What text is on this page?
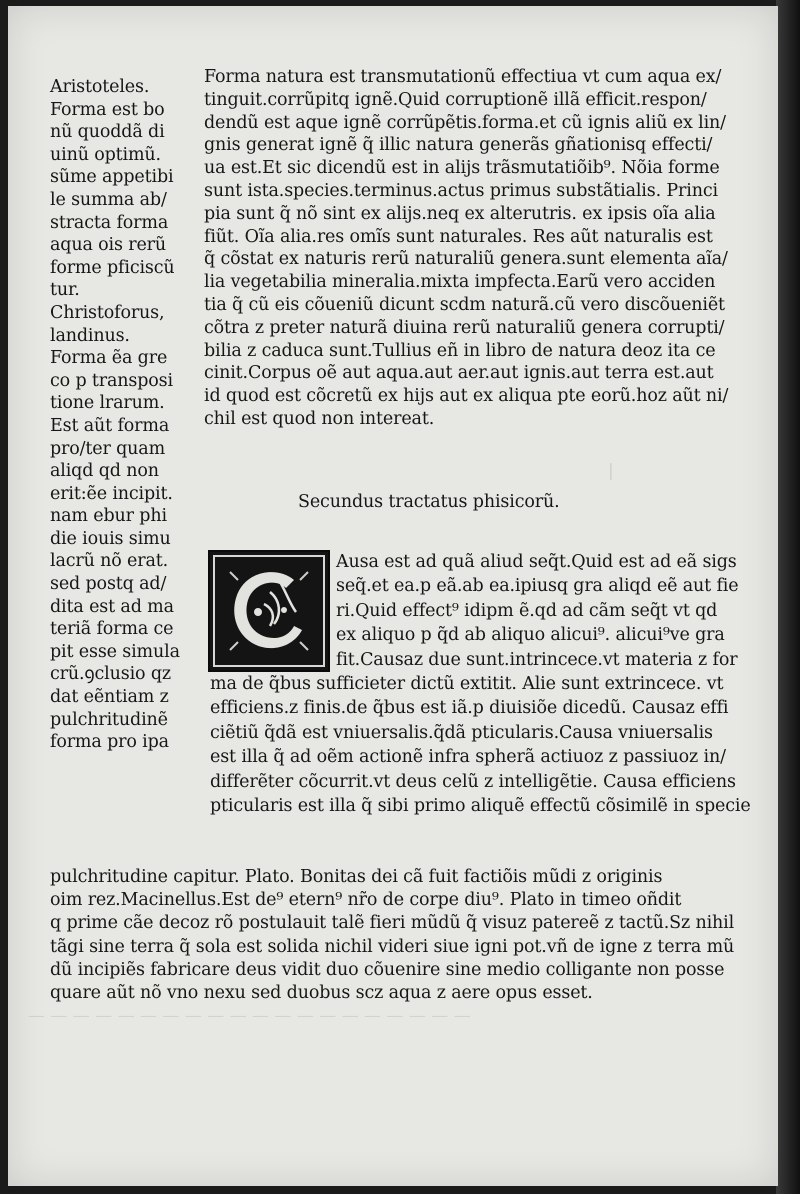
|
— — — — — — — — — — — — — — — — — — — —
Aristoteles.
Forma est bo
nũ quoddã di
uinũ optimũ.
sũme appetibi
le summa ab/
stracta forma
aqua ois rerũ
forme pficiscũ
tur.
Christoforus,
landinus.
Forma ẽa gre
co p transposi
tione lrarum.
Est aũt forma
pro/ter quam
aliqd qd non
erit:ẽe incipit.
nam ebur phi
die iouis simu
lacrũ nõ erat.
sed postq ad/
dita est ad ma
teriã forma ce
pit esse simula
crũ.ꝯclusio qz
dat eẽntiam z
pulchritudinẽ
forma pro ipa
Forma natura est transmutationũ effectiua vt cum aqua ex/
tinguit.corrũpitq ignẽ.Quid corruptionẽ illã efficit.respon/
dendũ est aque ignẽ corrũpẽtis.forma.et cũ ignis aliũ ex lin/
gnis generat ignẽ q̃ illic natura generãs gñationisq effecti/
ua est.Et sic dicendũ est in alijs trãsmutatiõib⁹. Nõia forme
sunt ista.species.terminus.actus primus substãtialis. Princi
pia sunt q̃ nõ sint ex alijs.neq ex alterutris. ex ipsis oĩa alia
fiũt. Oĩa alia.res omĩs sunt naturales. Res aũt naturalis est
q̃ cõstat ex naturis rerũ naturaliũ genera.sunt elementa aĩa/
lia vegetabilia mineralia.mixta impfecta.Earũ vero acciden
tia q̃ cũ eis cõueniũ dicunt scdm naturã.cũ vero discõueniẽt
cõtra z preter naturã diuina rerũ naturaliũ genera corrupti/
bilia z caduca sunt.Tullius eñ in libro de natura deoz ita ce
cinit.Corpus oẽ aut aqua.aut aer.aut ignis.aut terra est.aut
id quod est cõcretũ ex hijs aut ex aliqua pte eorũ.hoz aũt ni/
chil est quod non intereat.
Secundus tractatus phisicorũ.
Ausa est ad quã aliud seq̃t.Quid est ad eã sigs
seq̃.et ea.p eã.ab ea.ipiusq gra aliqd eẽ aut fie
ri.Quid effect⁹ idipm ẽ.qd ad cãm seq̃t vt qd
ex aliquo p q̃d ab aliquo alicui⁹. alicui⁹ve gra
fit.Causaz due sunt.intrincece.vt materia z for
ma de q̃bus sufficieter dictũ extitit. Alie sunt extrincece. vt
efficiens.z finis.de q̃bus est iã.p diuisiõe dicedũ. Causaz effi
ciẽtiũ q̃dã est vniuersalis.q̃dã pticularis.Causa vniuersalis
est illa q̃ ad oẽm actionẽ infra spherã actiuoz z passiuoz in/
differẽter cõcurrit.vt deus celũ z intelligẽtie. Causa efficiens
pticularis est illa q̃ sibi primo aliquẽ effectũ cõsimilẽ in specie
pulchritudine capitur. Plato. Bonitas dei cã fuit factiõis mũdi z originis
oim rez.Macinellus.Est de⁹ etern⁹ nr̃o de corpe diu⁹. Plato in timeo oñdit
q prime cãe decoz rõ postulauit talẽ fieri mũdũ q̃ visuz patereẽ z tactũ.Sz nihil
tãgi sine terra q̃ sola est solida nichil videri siue igni pot.vñ de igne z terra mũ
dũ incipiẽs fabricare deus vidit duo cõuenire sine medio colligante non posse
quare aũt nõ vno nexu sed duobus scz aqua z aere opus esset.
